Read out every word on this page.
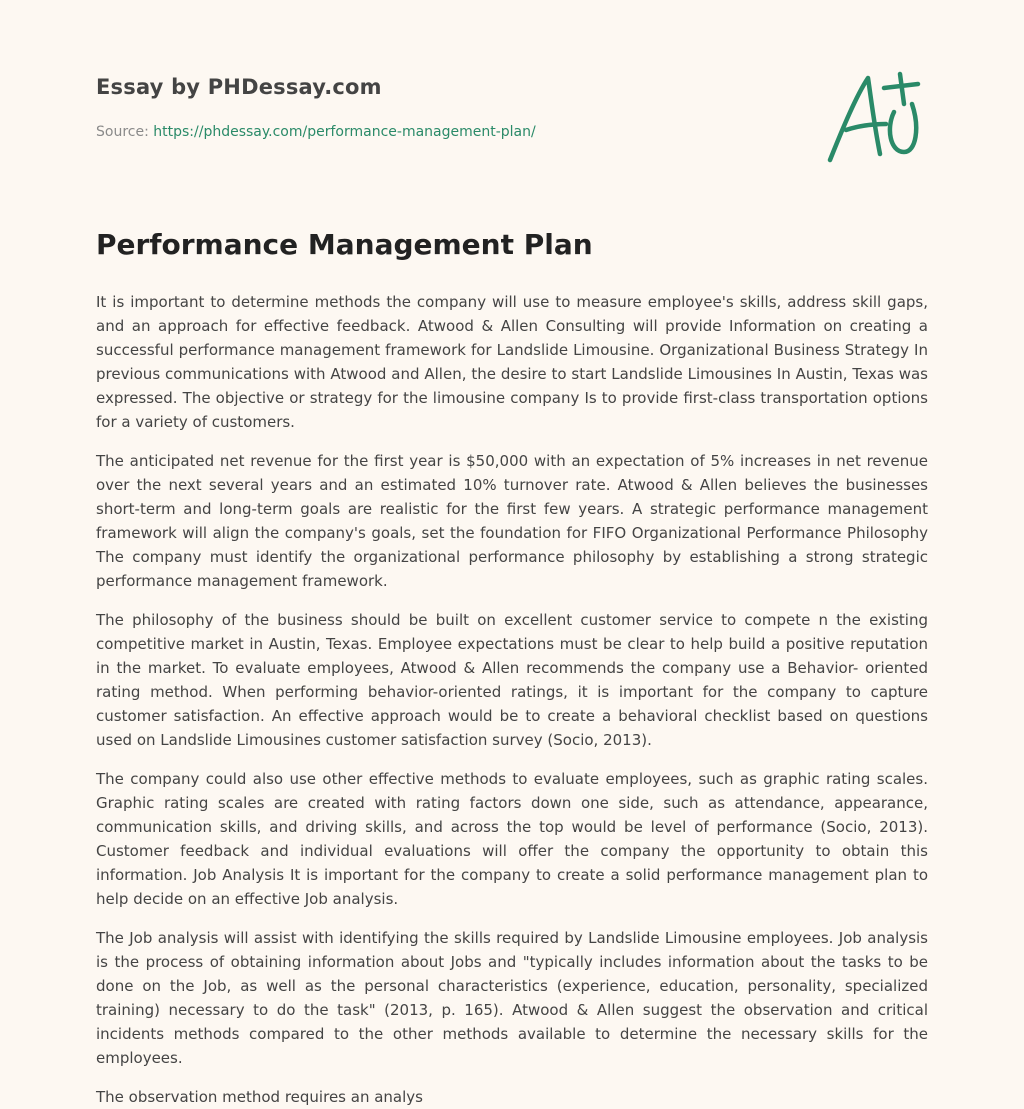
Essay by PHDessay.com
Source: https://phdessay.com/performance-management-plan/
Performance Management Plan

It is important to determine methods the company will use to measure employee's skills, address skill gaps, and an approach for effective feedback. Atwood & Allen Consulting will provide Information on creating a successful performance management framework for Landslide Limousine. Organizational Business Strategy In previous communications with Atwood and Allen, the desire to start Landslide Limousines In Austin, Texas was expressed. The objective or strategy for the limousine company Is to provide first-class transportation options for a variety of customers.

The anticipated net revenue for the first year is $50,000 with an expectation of 5% increases in net revenue over the next several years and an estimated 10% turnover rate. Atwood & Allen believes the businesses short-term and long-term goals are realistic for the first few years. A strategic performance management framework will align the company's goals, set the foundation for FIFO Organizational Performance Philosophy The company must identify the organizational performance philosophy by establishing a strong strategic performance management framework.

The philosophy of the business should be built on excellent customer service to compete n the existing competitive market in Austin, Texas. Employee expectations must be clear to help build a positive reputation in the market. To evaluate employees, Atwood & Allen recommends the company use a Behavior- oriented rating method. When performing behavior-oriented ratings, it is important for the company to capture customer satisfaction. An effective approach would be to create a behavioral checklist based on questions used on Landslide Limousines customer satisfaction survey (Socio, 2013).

The company could also use other effective methods to evaluate employees, such as graphic rating scales. Graphic rating scales are created with rating factors down one side, such as attendance, appearance, communication skills, and driving skills, and across the top would be level of performance (Socio, 2013). Customer feedback and individual evaluations will offer the company the opportunity to obtain this information. Job Analysis It is important for the company to create a solid performance management plan to help decide on an effective Job analysis.

The Job analysis will assist with identifying the skills required by Landslide Limousine employees. Job analysis is the process of obtaining information about Jobs and "typically includes information about the tasks to be done on the Job, as well as the personal characteristics (experience, education, personality, specialized training) necessary to do the task" (2013, p. 165). Atwood & Allen suggest the observation and critical incidents methods compared to the other methods available to determine the necessary skills for the employees.

The observation method requires an analys
